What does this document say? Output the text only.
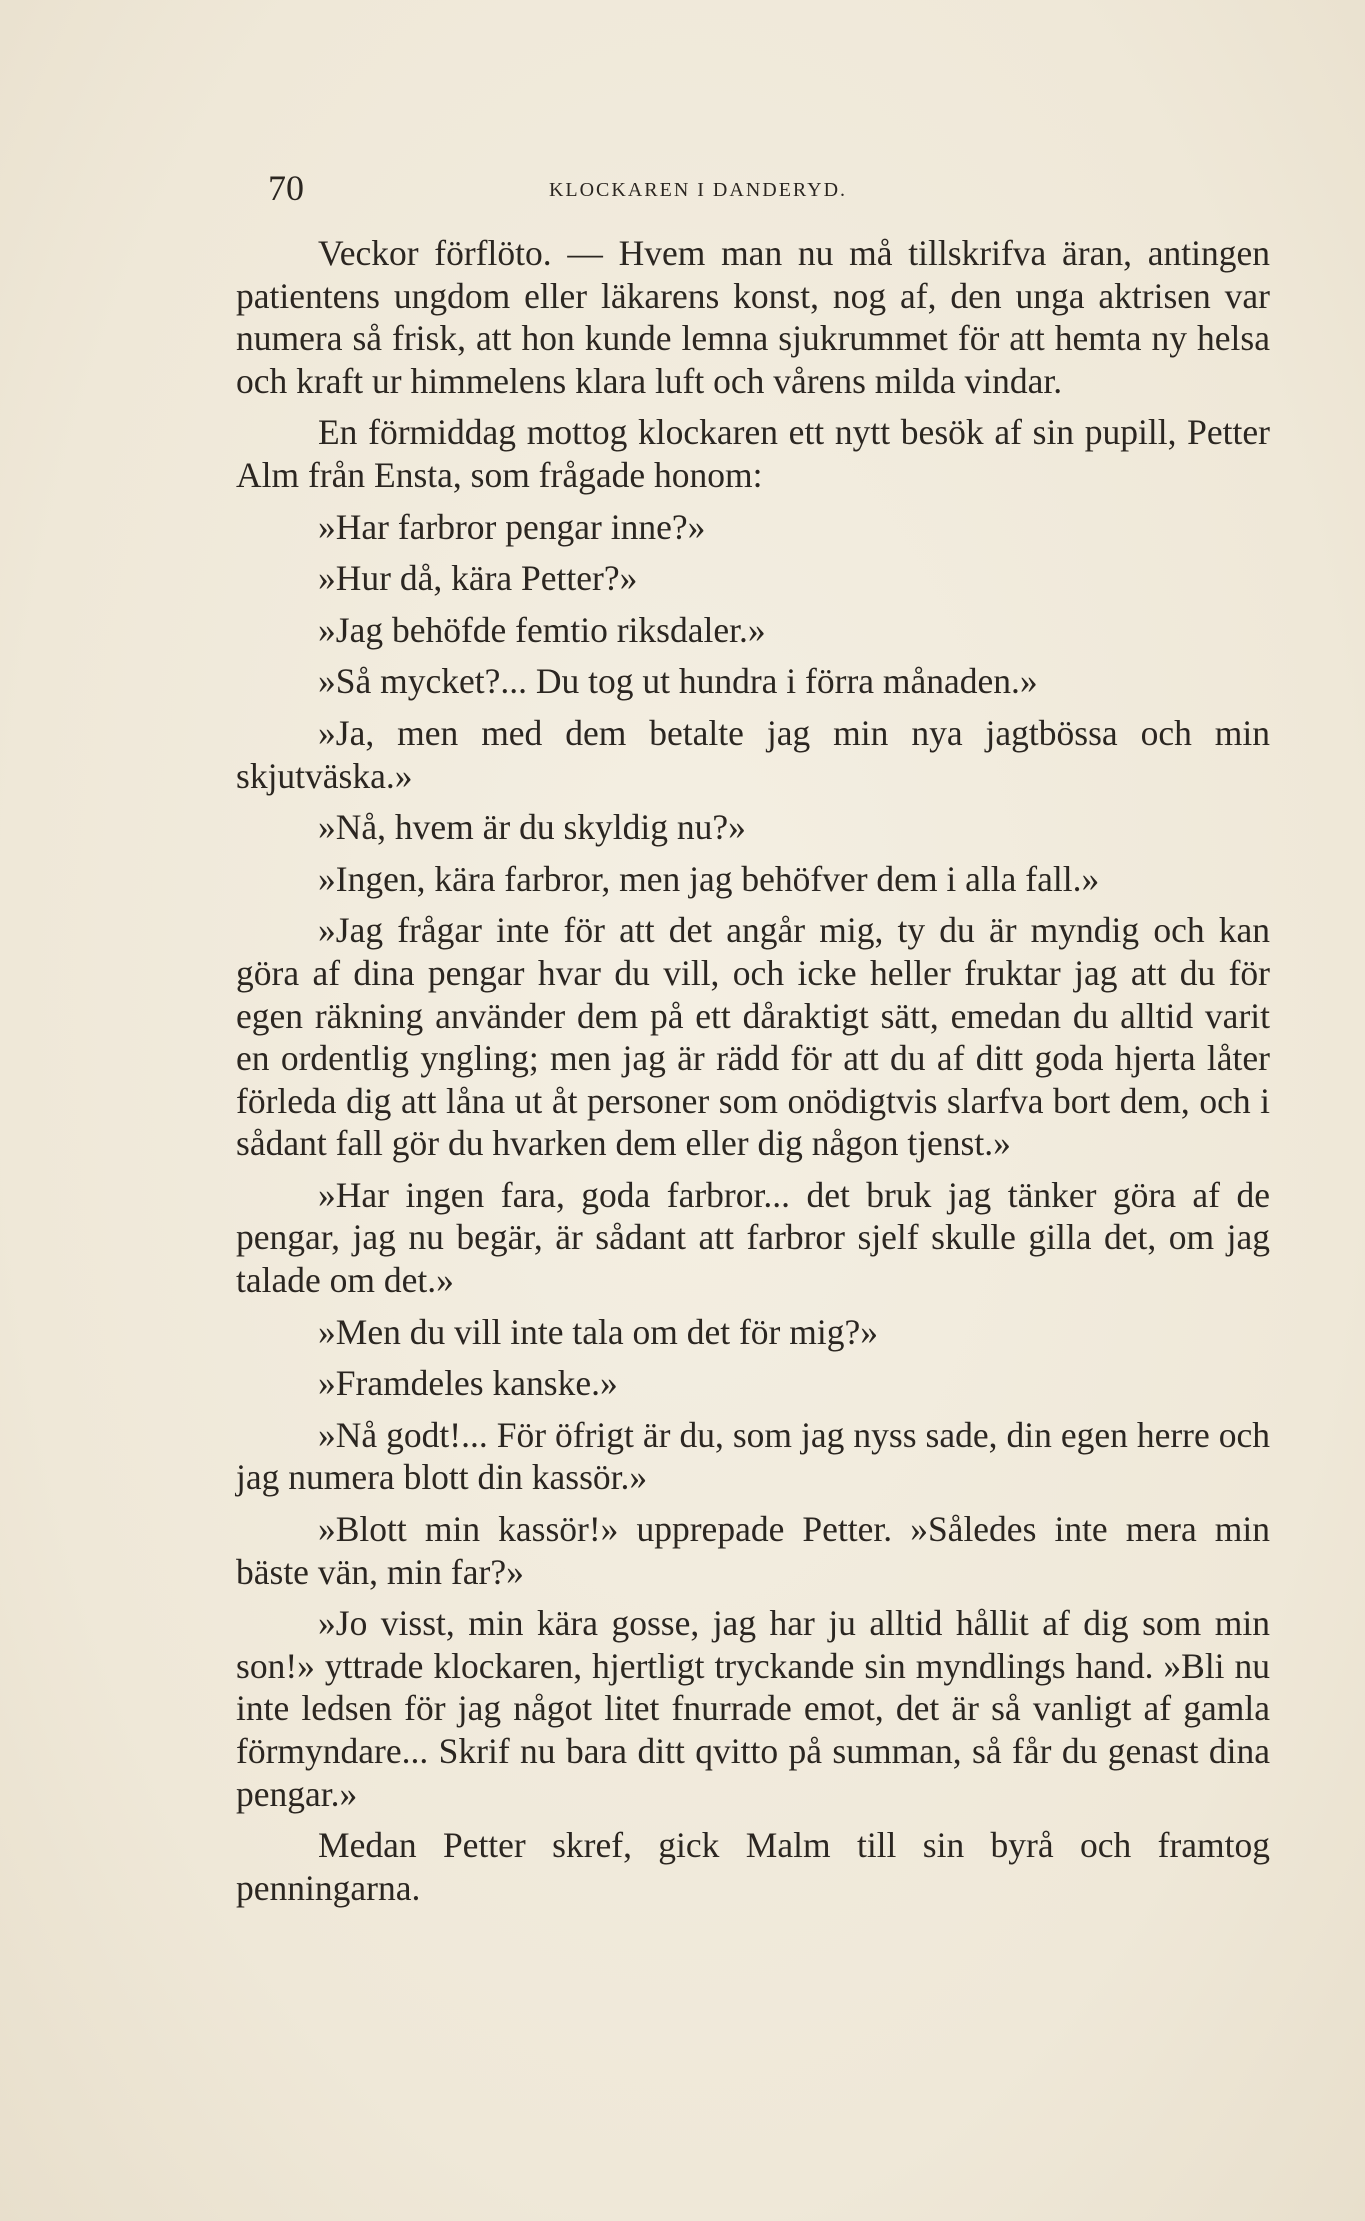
70	KLOCKAREN I DANDERYD.

Veckor förflöto. — Hvem man nu må tillskrifva äran, antingen patientens ungdom eller läkarens konst, nog af, den unga aktrisen var numera så frisk, att hon kunde lemna sjukrummet för att hemta ny helsa och kraft ur himmelens klara luft och vårens milda vindar.

En förmiddag mottog klockaren ett nytt besök af sin pupill, Petter Alm från Ensta, som frågade honom:

»Har farbror pengar inne?»

»Hur då, kära Petter?»

»Jag behöfde femtio riksdaler.»

»Så mycket?... Du tog ut hundra i förra månaden.»

»Ja, men med dem betalte jag min nya jagtbössa och min skjutväska.»

»Nå, hvem är du skyldig nu?»

»Ingen, kära farbror, men jag behöfver dem i alla fall.»

»Jag frågar inte för att det angår mig, ty du är myndig och kan göra af dina pengar hvar du vill, och icke heller fruktar jag att du för egen räkning använder dem på ett dåraktigt sätt, emedan du alltid varit en ordentlig yngling; men jag är rädd för att du af ditt goda hjerta låter förleda dig att låna ut åt personer som onödigtvis slarfva bort dem, och i sådant fall gör du hvarken dem eller dig någon tjenst.»

»Har ingen fara, goda farbror... det bruk jag tänker göra af de pengar, jag nu begär, är sådant att farbror sjelf skulle gilla det, om jag talade om det.»

»Men du vill inte tala om det för mig?»

»Framdeles kanske.»

»Nå godt!... För öfrigt är du, som jag nyss sade, din egen herre och jag numera blott din kassör.»

»Blott min kassör!» upprepade Petter. »Således inte mera min bäste vän, min far?»

»Jo visst, min kära gosse, jag har ju alltid hållit af dig som min son!» yttrade klockaren, hjertligt tryckande sin myndlings hand. »Bli nu inte ledsen för jag något litet fnurrade emot, det är så vanligt af gamla förmyndare... Skrif nu bara ditt qvitto på summan, så får du genast dina pengar.»

Medan Petter skref, gick Malm till sin byrå och framtog penningarna.
